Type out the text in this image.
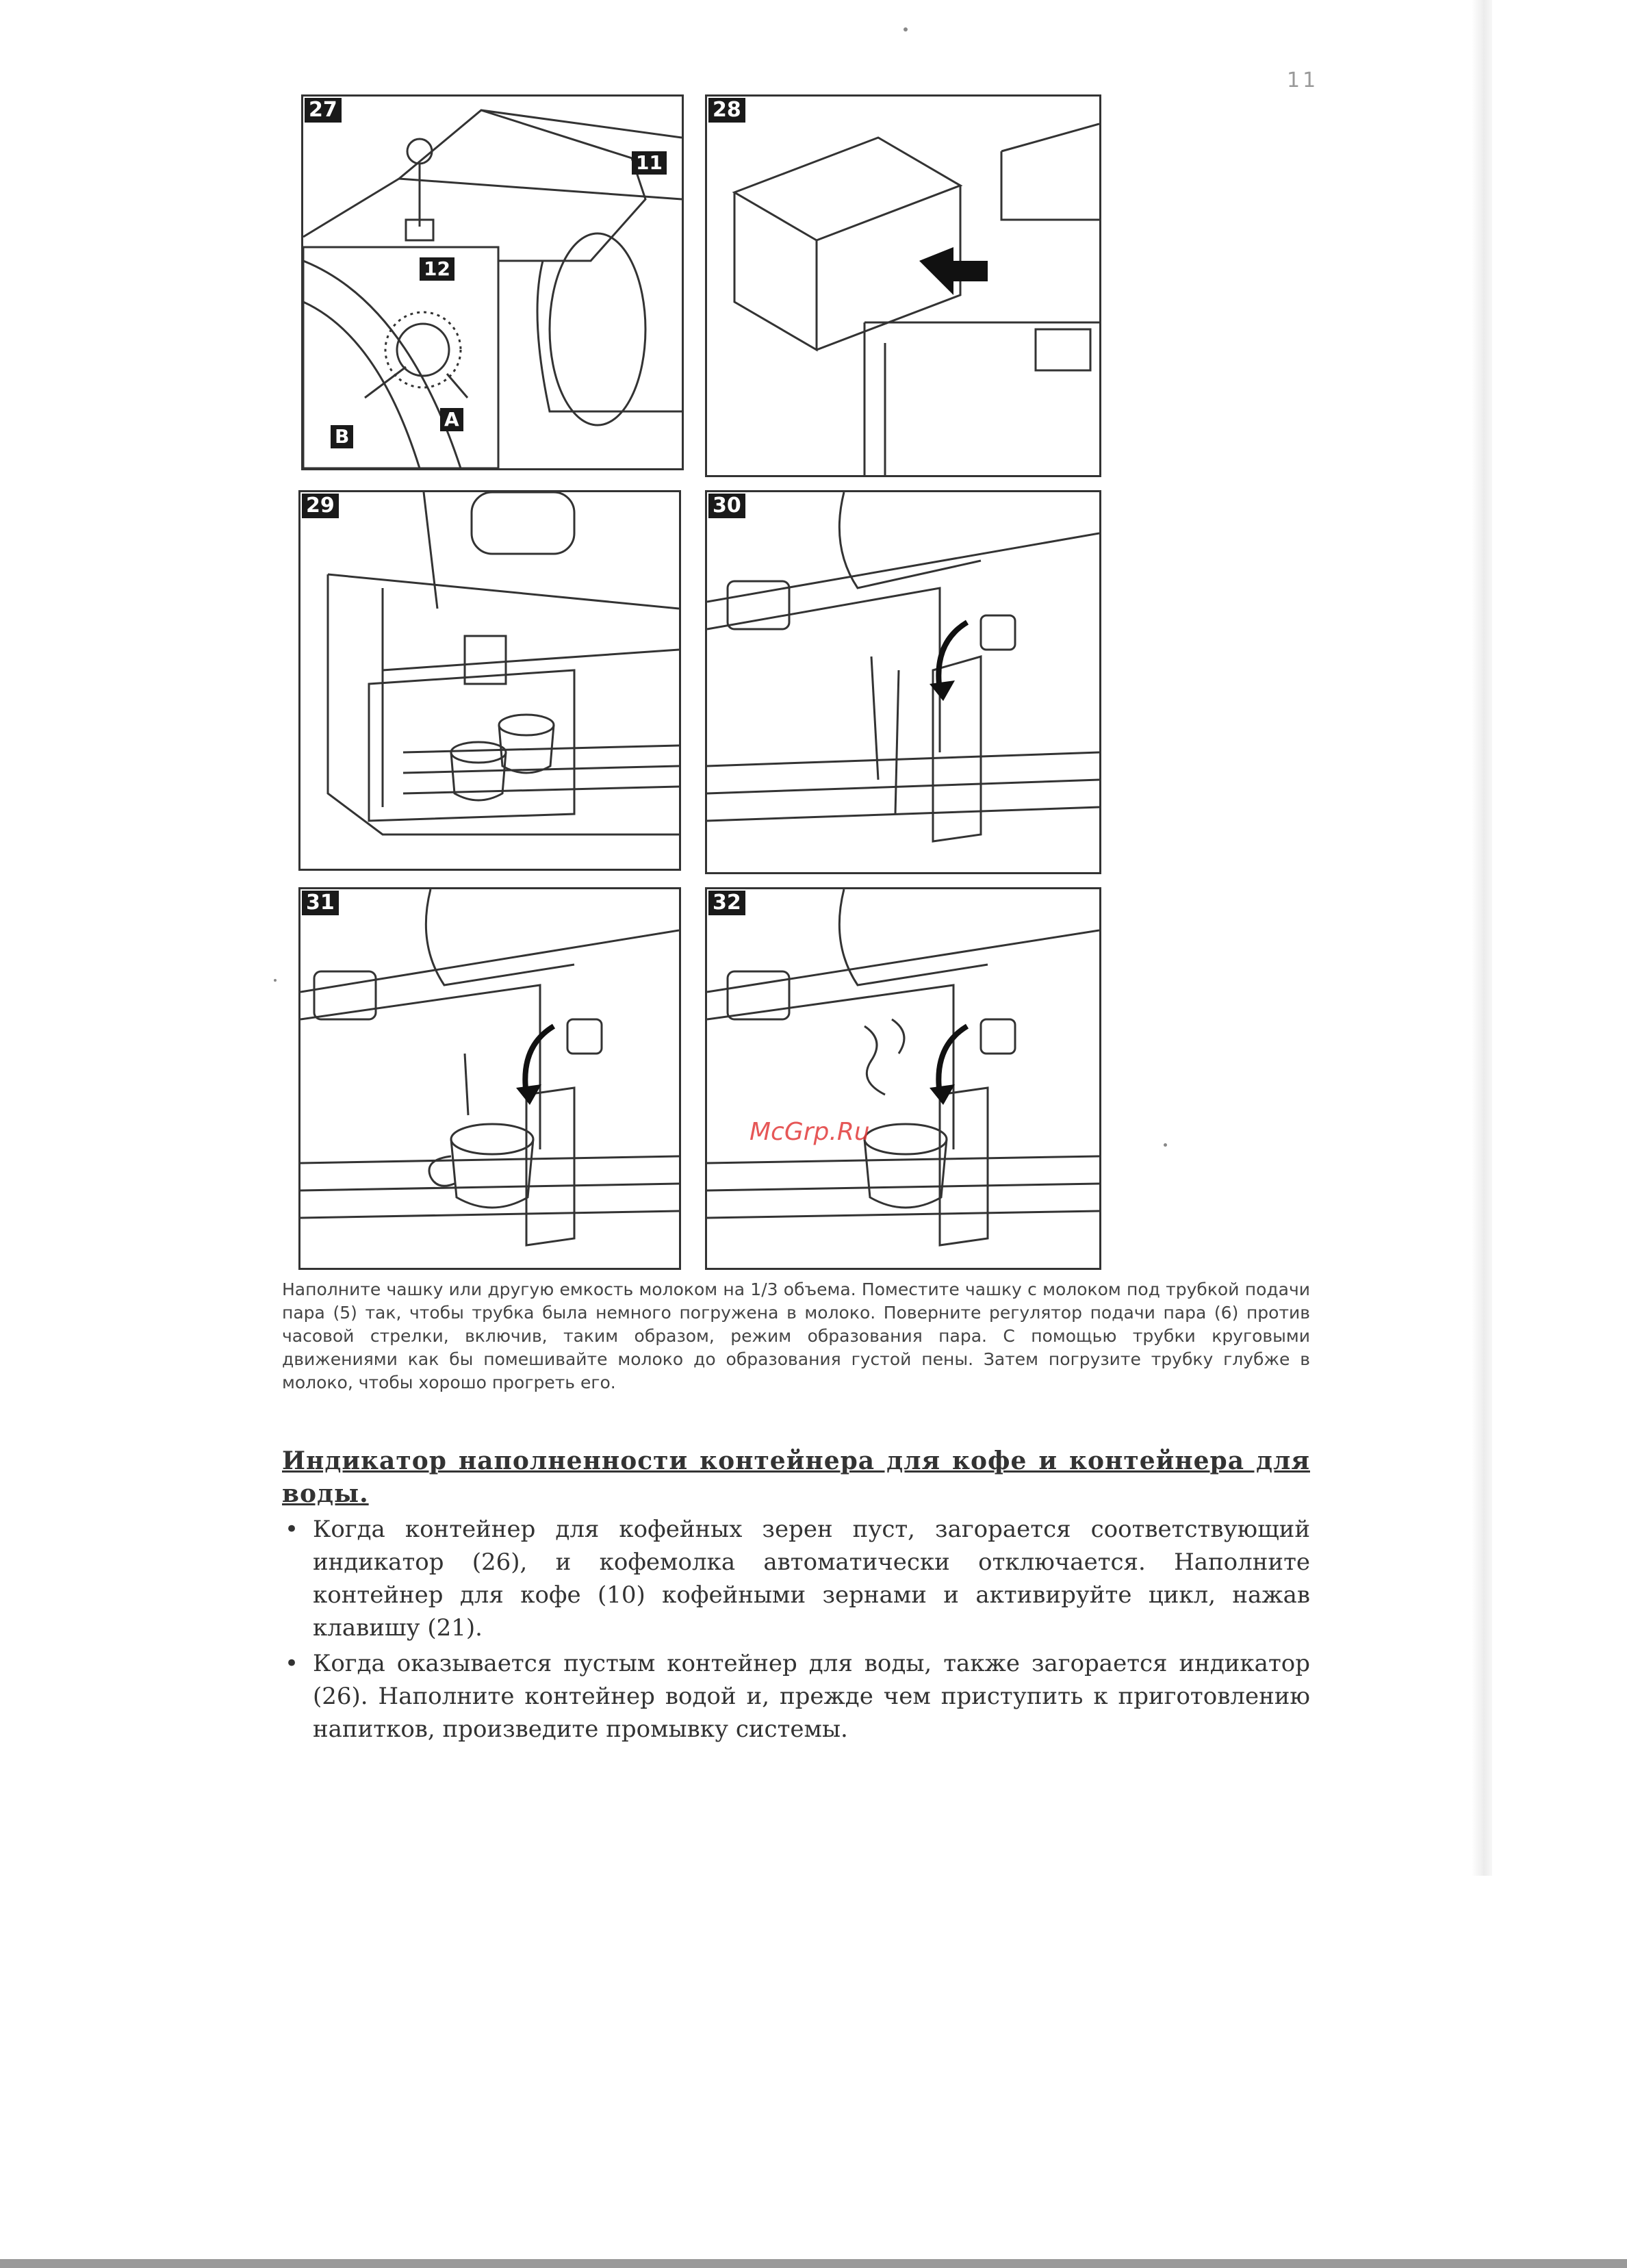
11
27
11
12
A
B
28
29	30
31	32
McGrp.Ru

Наполните чашку или другую емкость молоком на 1/3 объема. Поместите чашку с молоком под трубкой подачи пара (5) так, чтобы трубка была немного погружена в молоко. Поверните регулятор подачи пара (6) против часовой стрелки, включив, таким образом, режим образования пара. С помощью трубки круговыми движениями как бы помешивайте молоко до образования густой пены. Затем погрузите трубку глубже в молоко, чтобы хорошо прогреть его.

Индикатор наполненности контейнера для кофе и контейнера для воды.
• Когда контейнер для кофейных зерен пуст, загорается соответствующий индикатор (26), и кофемолка автоматически отключается. Наполните контейнер для кофе (10) кофейными зернами и активируйте цикл, нажав клавишу (21).
• Когда оказывается пустым контейнер для воды, также загорается индикатор (26). Наполните контейнер водой и, прежде чем приступить к приготовлению напитков, произведите промывку системы.
